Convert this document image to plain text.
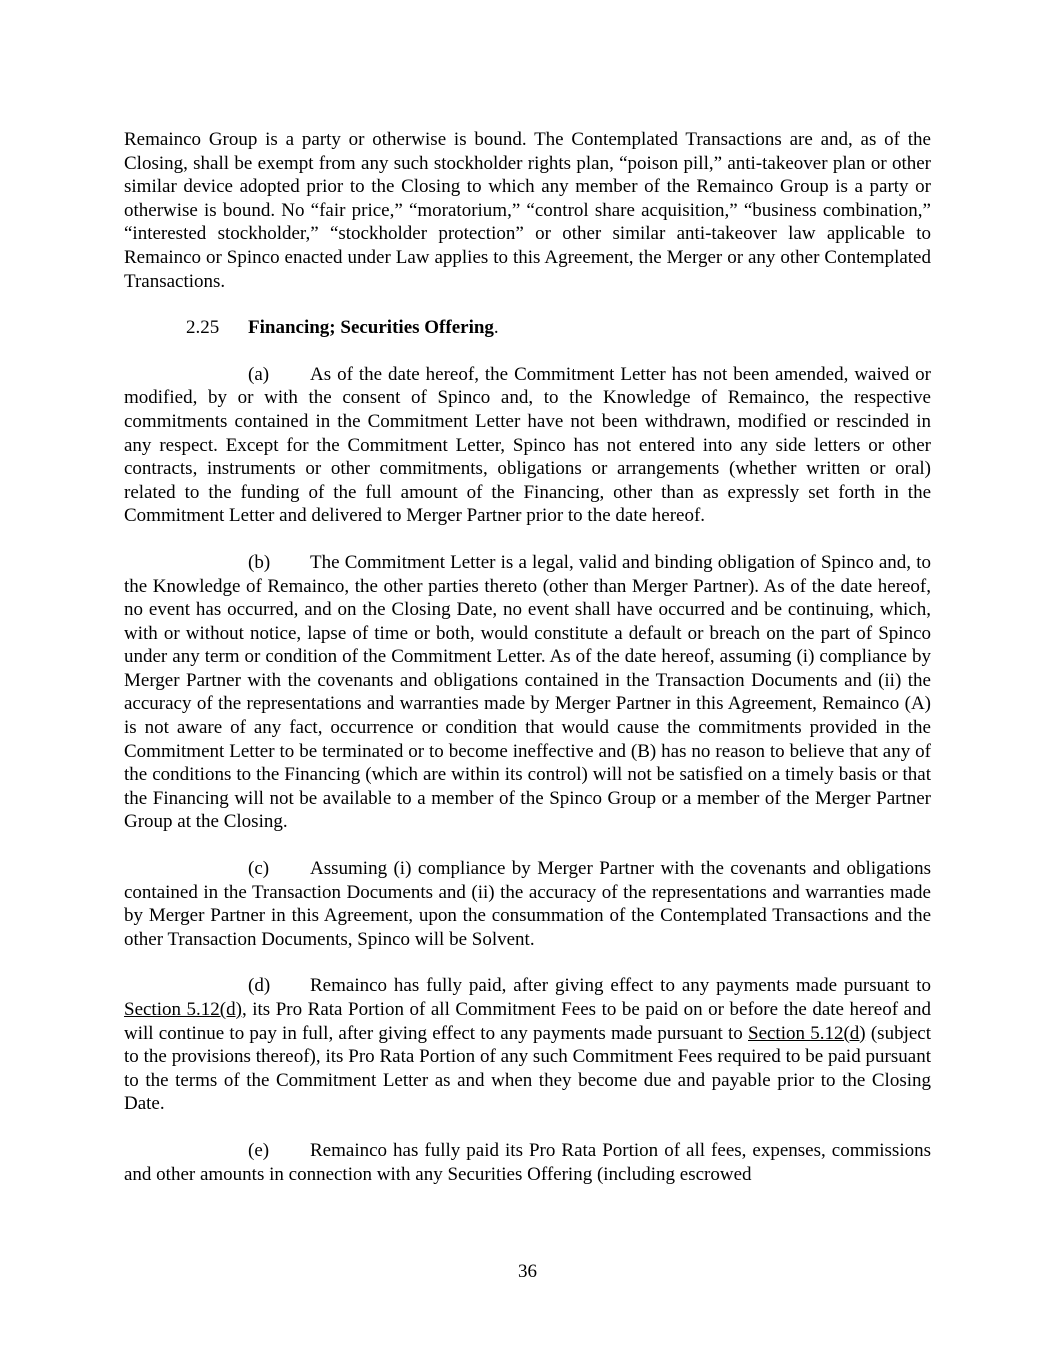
Remainco Group is a party or otherwise is bound. The Contemplated Transactions are and, as of the Closing, shall be exempt from any such stockholder rights plan, “poison pill,” anti-takeover plan or other similar device adopted prior to the Closing to which any member of the Remainco Group is a party or otherwise is bound. No “fair price,” “moratorium,” “control share acquisition,” “business combination,” “interested stockholder,” “stockholder protection” or other similar anti-takeover law applicable to Remainco or Spinco enacted under Law applies to this Agreement, the Merger or any other Contemplated Transactions.

2.25 Financing; Securities Offering.

(a) As of the date hereof, the Commitment Letter has not been amended, waived or modified, by or with the consent of Spinco and, to the Knowledge of Remainco, the respective commitments contained in the Commitment Letter have not been withdrawn, modified or rescinded in any respect. Except for the Commitment Letter, Spinco has not entered into any side letters or other contracts, instruments or other commitments, obligations or arrangements (whether written or oral) related to the funding of the full amount of the Financing, other than as expressly set forth in the Commitment Letter and delivered to Merger Partner prior to the date hereof.

(b) The Commitment Letter is a legal, valid and binding obligation of Spinco and, to the Knowledge of Remainco, the other parties thereto (other than Merger Partner). As of the date hereof, no event has occurred, and on the Closing Date, no event shall have occurred and be continuing, which, with or without notice, lapse of time or both, would constitute a default or breach on the part of Spinco under any term or condition of the Commitment Letter. As of the date hereof, assuming (i) compliance by Merger Partner with the covenants and obligations contained in the Transaction Documents and (ii) the accuracy of the representations and warranties made by Merger Partner in this Agreement, Remainco (A) is not aware of any fact, occurrence or condition that would cause the commitments provided in the Commitment Letter to be terminated or to become ineffective and (B) has no reason to believe that any of the conditions to the Financing (which are within its control) will not be satisfied on a timely basis or that the Financing will not be available to a member of the Spinco Group or a member of the Merger Partner Group at the Closing.

(c) Assuming (i) compliance by Merger Partner with the covenants and obligations contained in the Transaction Documents and (ii) the accuracy of the representations and warranties made by Merger Partner in this Agreement, upon the consummation of the Contemplated Transactions and the other Transaction Documents, Spinco will be Solvent.

(d) Remainco has fully paid, after giving effect to any payments made pursuant to Section 5.12(d), its Pro Rata Portion of all Commitment Fees to be paid on or before the date hereof and will continue to pay in full, after giving effect to any payments made pursuant to Section 5.12(d) (subject to the provisions thereof), its Pro Rata Portion of any such Commitment Fees required to be paid pursuant to the terms of the Commitment Letter as and when they become due and payable prior to the Closing Date.

(e) Remainco has fully paid its Pro Rata Portion of all fees, expenses, commissions and other amounts in connection with any Securities Offering (including escrowed

36
